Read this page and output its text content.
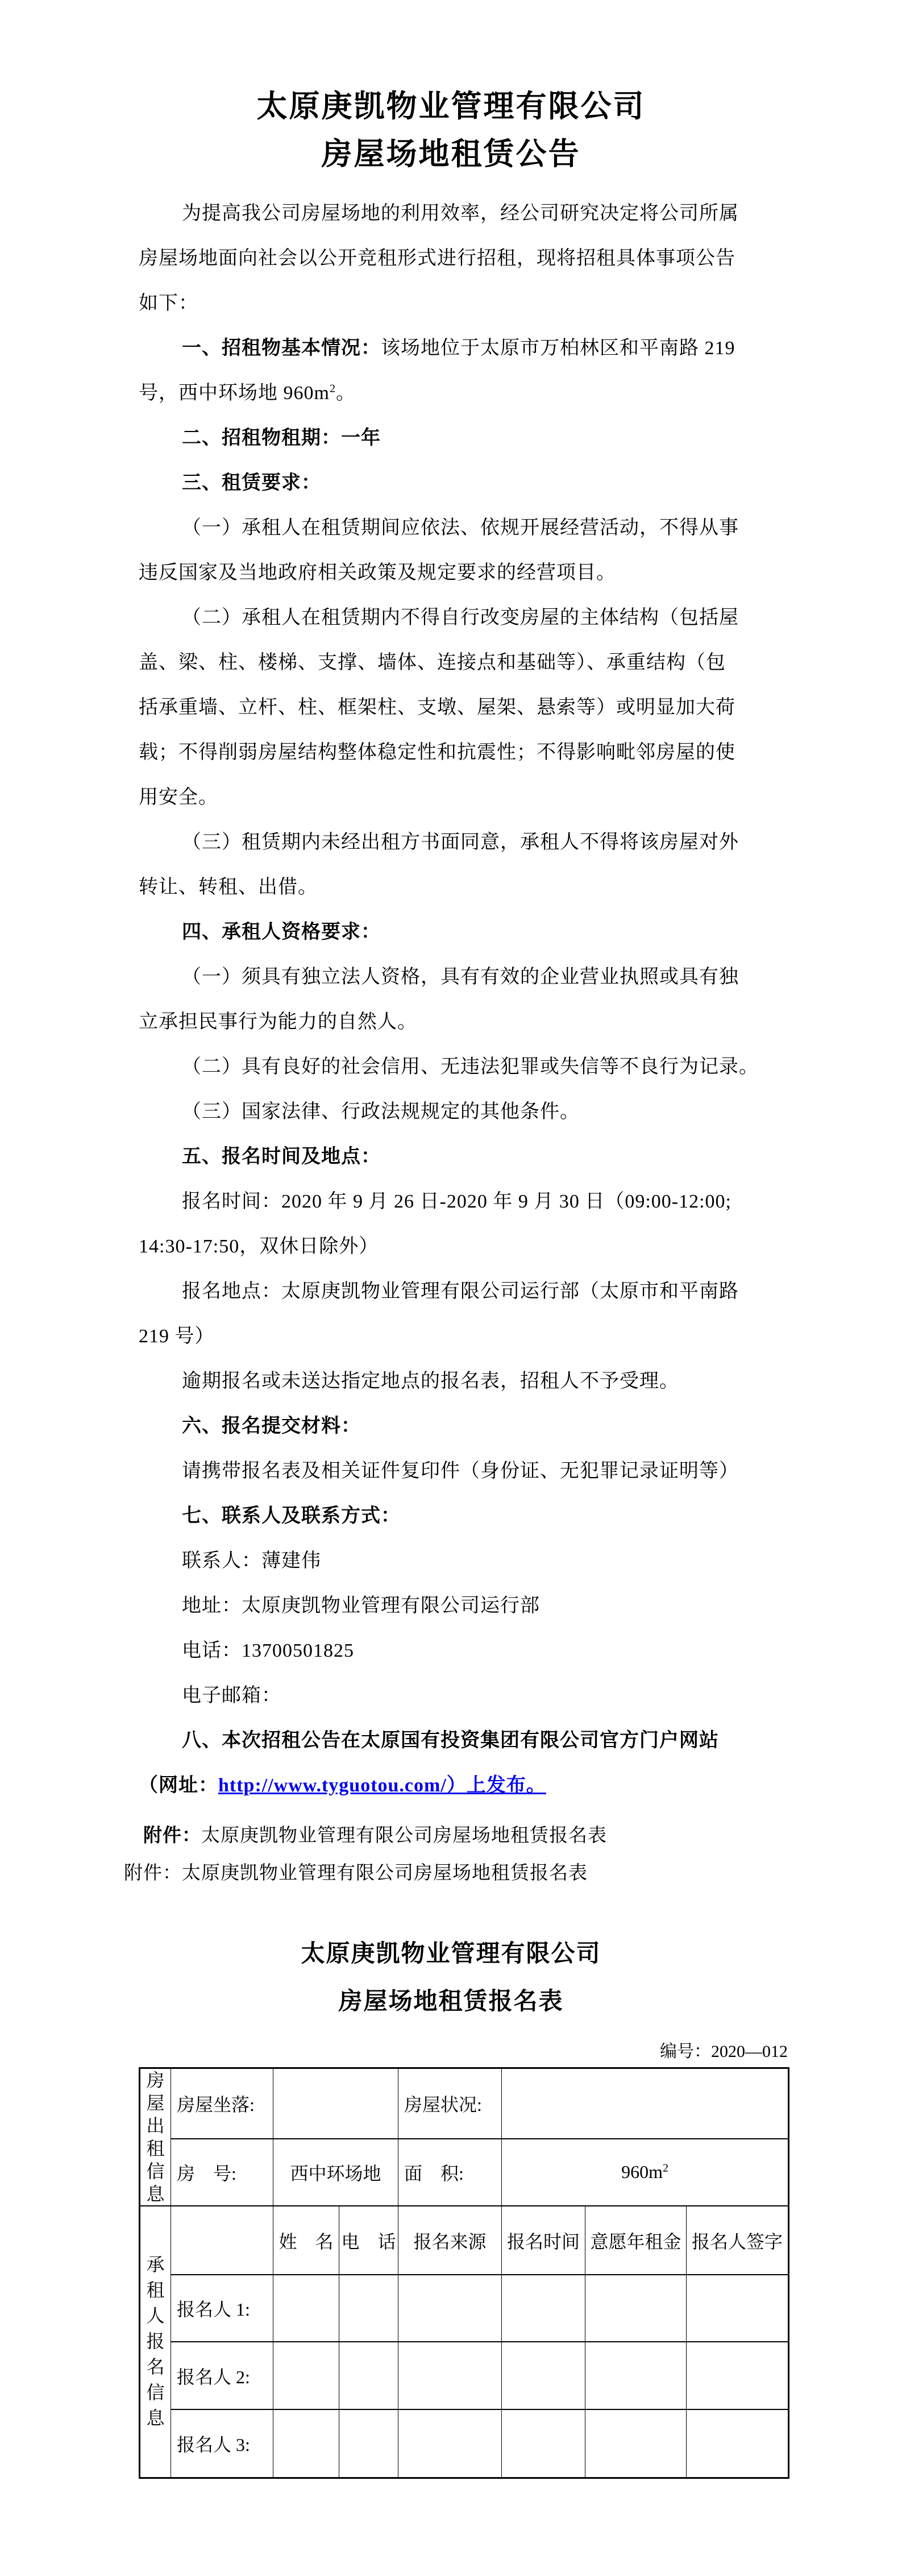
太原庚凯物业管理有限公司
房屋场地租赁公告
为提高我公司房屋场地的利用效率，经公司研究决定将公司所属
房屋场地面向社会以公开竞租形式进行招租，现将招租具体事项公告
如下：
一、招租物基本情况：该场地位于太原市万柏林区和平南路 219
号，西中环场地 $960m^2$。
二、招租物租期：一年
三、租赁要求：
（一）承租人在租赁期间应依法、依规开展经营活动，不得从事
违反国家及当地政府相关政策及规定要求的经营项目。
（二）承租人在租赁期内不得自行改变房屋的主体结构（包括屋
盖、梁、柱、楼梯、支撑、墙体、连接点和基础等）、承重结构（包
括承重墙、立杆、柱、框架柱、支墩、屋架、悬索等）或明显加大荷
载；不得削弱房屋结构整体稳定性和抗震性；不得影响毗邻房屋的使
用安全。
（三）租赁期内未经出租方书面同意，承租人不得将该房屋对外
转让、转租、出借。
四、承租人资格要求：
（一）须具有独立法人资格，具有有效的企业营业执照或具有独
立承担民事行为能力的自然人。
（二）具有良好的社会信用、无违法犯罪或失信等不良行为记录。
（三）国家法律、行政法规规定的其他条件。
五、报名时间及地点：
报名时间：2020 年 9 月 26 日-2020 年 9 月 30 日（09:00-12:00;
14:30-17:50，双休日除外）
报名地点：太原庚凯物业管理有限公司运行部（太原市和平南路
219 号）
逾期报名或未送达指定地点的报名表，招租人不予受理。
六、报名提交材料：
请携带报名表及相关证件复印件（身份证、无犯罪记录证明等）
七、联系人及联系方式：
联系人：薄建伟
地址：太原庚凯物业管理有限公司运行部
电话：13700501825
电子邮箱：
八、本次招租公告在太原国有投资集团有限公司官方门户网站
（网址：http://www.tyguotou.com/）上发布。
附件：太原庚凯物业管理有限公司房屋场地租赁报名表
附件：太原庚凯物业管理有限公司房屋场地租赁报名表
太原庚凯物业管理有限公司
房屋场地租赁报名表
编号：2020—012
房
屋
出
租
信
息
	房屋坐落:		房屋状况:	
	房　号:	西中环场地		面　积:	$960m^2$

承
租
人
报
名
信
息
		姓　名	电　话	报名来源	报名时间	意愿年租金	报名人签字
	报名人 1:						
	报名人 2:						
	报名人 3:						
